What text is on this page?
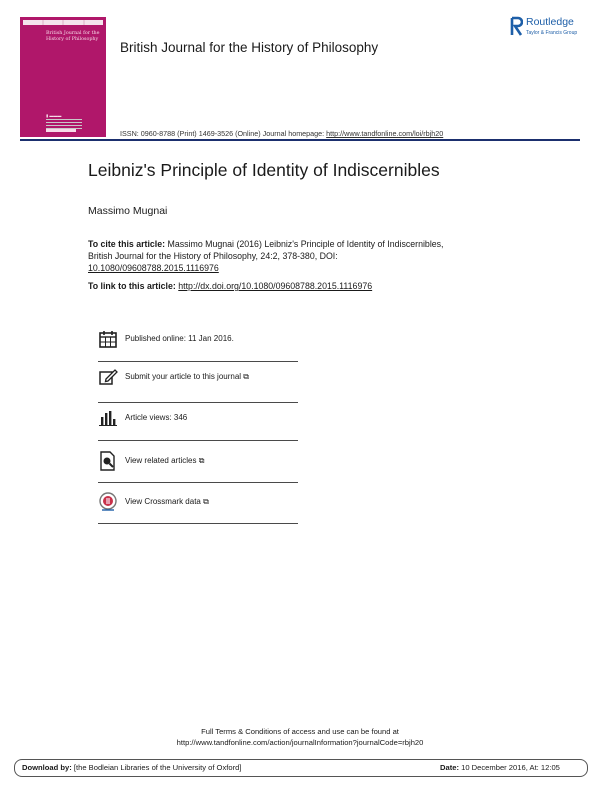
British Journal for the History of Philosophy
▮ ▬▬▬
British Journal for the History of Philosophy
Routledge
Taylor & Francis Group
ISSN: 0960-8788 (Print) 1469-3526 (Online) Journal homepage: http://www.tandfonline.com/loi/rbjh20
Leibniz's Principle of Identity of Indiscernibles
Massimo Mugnai
To cite this article: Massimo Mugnai (2016) Leibniz's Principle of Identity of Indiscernibles, British Journal for the History of Philosophy, 24:2, 378-380, DOI: 10.1080/09608788.2015.1116976
To link to this article: http://dx.doi.org/10.1080/09608788.2015.1116976
Published online: 11 Jan 2016.
Submit your article to this journal ⧉
Article views: 346
View related articles ⧉
View Crossmark data ⧉
Full Terms & Conditions of access and use can be found at
http://www.tandfonline.com/action/journalInformation?journalCode=rbjh20
Download by: [the Bodleian Libraries of the University of Oxford]	Date: 10 December 2016, At: 12:05
